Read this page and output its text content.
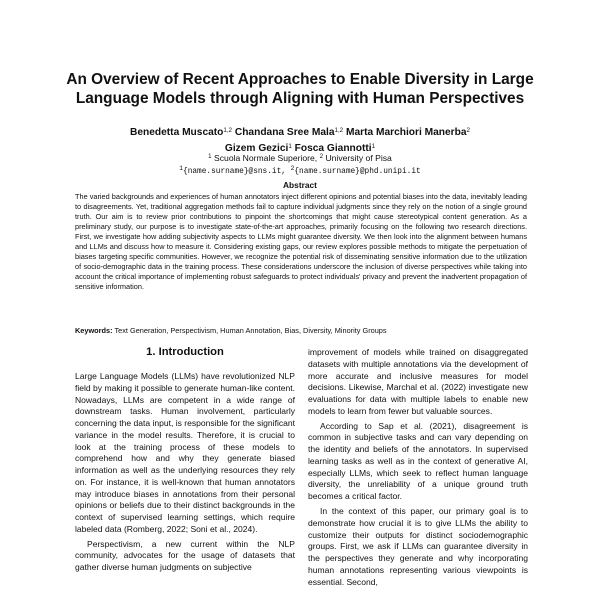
An Overview of Recent Approaches to Enable Diversity in Large Language Models through Aligning with Human Perspectives
Benedetta Muscato$^{1,2}$ Chandana Sree Mala$^{1,2}$ Marta Marchiori Manerba$^2$
Gizem Gezici$^1$ Fosca Giannotti$^1$
$^1$ Scuola Normale Superiore, $^2$ University of Pisa
$^1${name.surname}@sns.it, $^2${name.surname}@phd.unipi.it
Abstract
The varied backgrounds and experiences of human annotators inject different opinions and potential biases into the data, inevitably leading to disagreements. Yet, traditional aggregation methods fail to capture individual judgments since they rely on the notion of a single ground truth. Our aim is to review prior contributions to pinpoint the shortcomings that might cause stereotypical content generation. As a preliminary study, our purpose is to investigate state-of-the-art approaches, primarily focusing on the following two research directions. First, we investigate how adding subjectivity aspects to LLMs might guarantee diversity. We then look into the alignment between humans and LLMs and discuss how to measure it. Considering existing gaps, our review explores possible methods to mitigate the perpetuation of biases targeting specific communities. However, we recognize the potential risk of disseminating sensitive information due to the utilization of socio-demographic data in the training process. These considerations underscore the inclusion of diverse perspectives while taking into account the critical importance of implementing robust safeguards to protect individuals' privacy and prevent the inadvertent propagation of sensitive information.
Keywords: Text Generation, Perspectivism, Human Annotation, Bias, Diversity, Minority Groups
1. Introduction

Large Language Models (LLMs) have revolutionized NLP field by making it possible to generate human-like content. Nowadays, LLMs are competent in a wide range of downstream tasks. Human involvement, particularly concerning the data input, is responsible for the significant variance in the model results. Therefore, it is crucial to look at the training process of these models to comprehend how and why they generate biased information as well as the underlying resources they rely on. For instance, it is well-known that human annotators may introduce biases in annotations from their personal opinions or beliefs due to their distinct backgrounds in the context of supervised learning settings, which require labeled data (Romberg, 2022; Soni et al., 2024).

Perspectivism, a new current within the NLP community, advocates for the usage of datasets that gather diverse human judgments on subjective

improvement of models while trained on disaggregated datasets with multiple annotations via the development of more accurate and inclusive measures for model decisions. Likewise, Marchal et al. (2022) investigate new evaluations for data with multiple labels to enable new models to learn from fewer but valuable sources.

According to Sap et al. (2021), disagreement is common in subjective tasks and can vary depending on the identity and beliefs of the annotators. In supervised learning tasks as well as in the context of generative AI, especially LLMs, which seek to reflect human language diversity, the unreliability of a unique ground truth becomes a critical factor.

In the context of this paper, our primary goal is to demonstrate how crucial it is to give LLMs the ability to customize their outputs for distinct sociodemographic groups. First, we ask if LLMs can guarantee diversity in the perspectives they generate and why incorporating human annotations representing various viewpoints is essential. Second,
